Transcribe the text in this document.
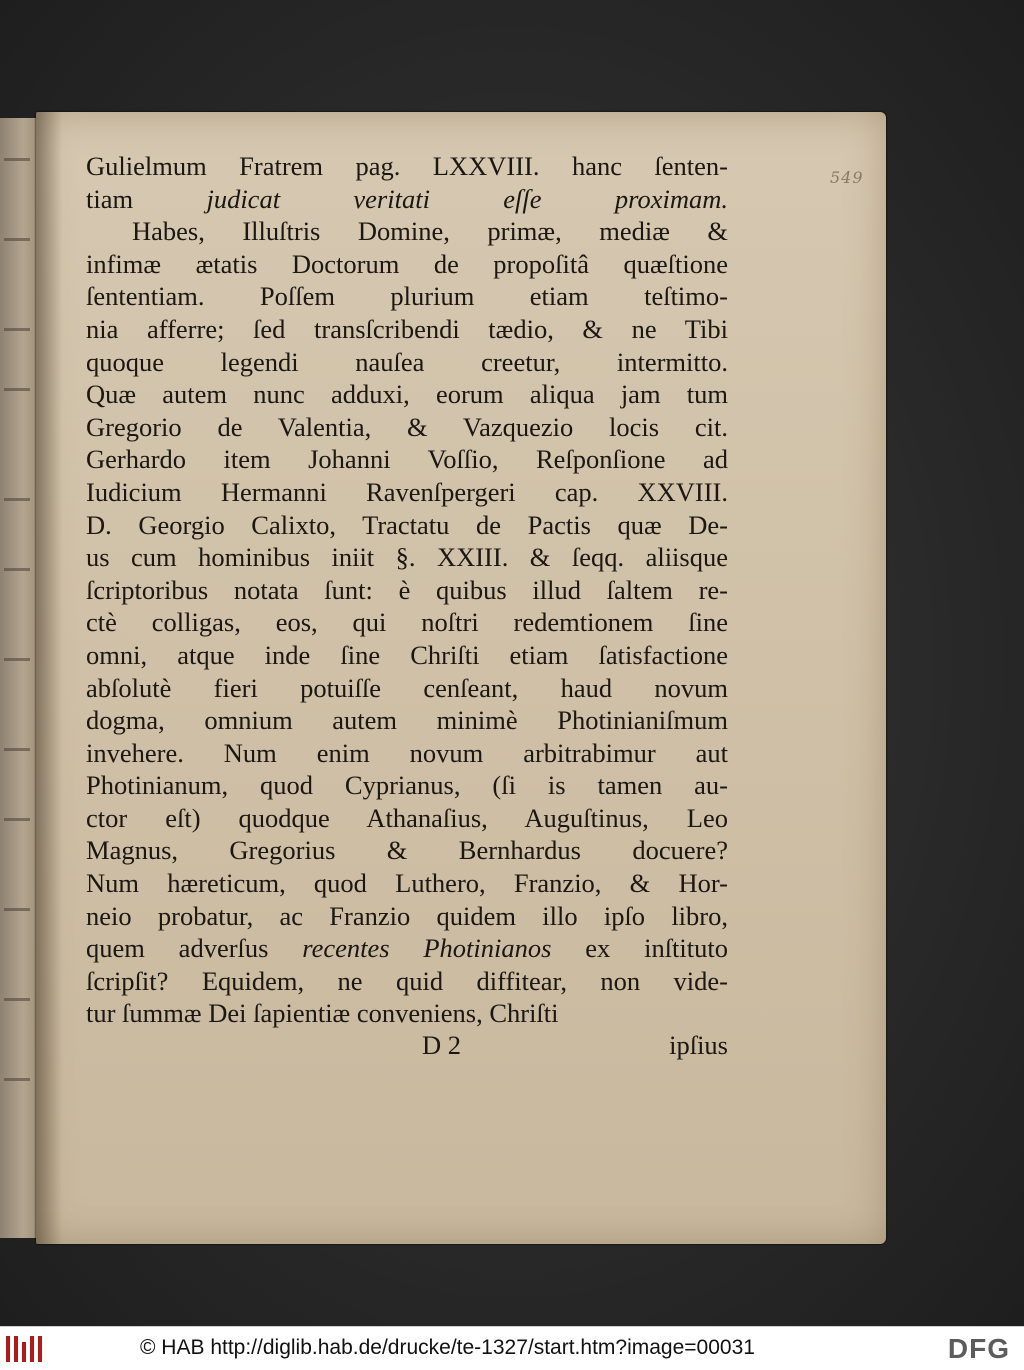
549
Gulielmum Fratrem pag. LXXVIII. hanc ſenten-
tiam judicat veritati eſſe proximam.
Habes, Illuſtris Domine, primæ, mediæ &
infimæ ætatis Doctorum de propoſitâ quæſtione
ſententiam. Poſſem plurium etiam teſtimo-
nia afferre; ſed transſcribendi tædio, & ne Tibi
quoque legendi nauſea creetur, intermitto.
Quæ autem nunc adduxi, eorum aliqua jam tum
Gregorio de Valentia, & Vazquezio locis cit.
Gerhardo item Johanni Voſſio, Reſponſione ad
Iudicium Hermanni Ravenſpergeri cap. XXVIII.
D. Georgio Calixto, Tractatu de Pactis quæ De-
us cum hominibus iniit §. XXIII. & ſeqq. aliisque
ſcriptoribus notata ſunt: è quibus illud ſaltem re-
ctè colligas, eos, qui noſtri redemtionem ſine
omni, atque inde ſine Chriſti etiam ſatisfactione
abſolutè fieri potuiſſe cenſeant, haud novum
dogma, omnium autem minimè Photinianiſmum
invehere. Num enim novum arbitrabimur aut
Photinianum, quod Cyprianus, (ſi is tamen au-
ctor eſt) quodque Athanaſius, Auguſtinus, Leo
Magnus, Gregorius & Bernhardus docuere?
Num hæreticum, quod Luthero, Franzio, & Hor-
neio probatur, ac Franzio quidem illo ipſo libro,
quem adverſus recentes Photinianos ex inſtituto
ſcripſit? Equidem, ne quid diffitear, non vide-
tur ſummæ Dei ſapientiæ conveniens, Chriſti
D 2	ipſius
© HAB http://diglib.hab.de/drucke/te-1327/start.htm?image=00031	DFG
